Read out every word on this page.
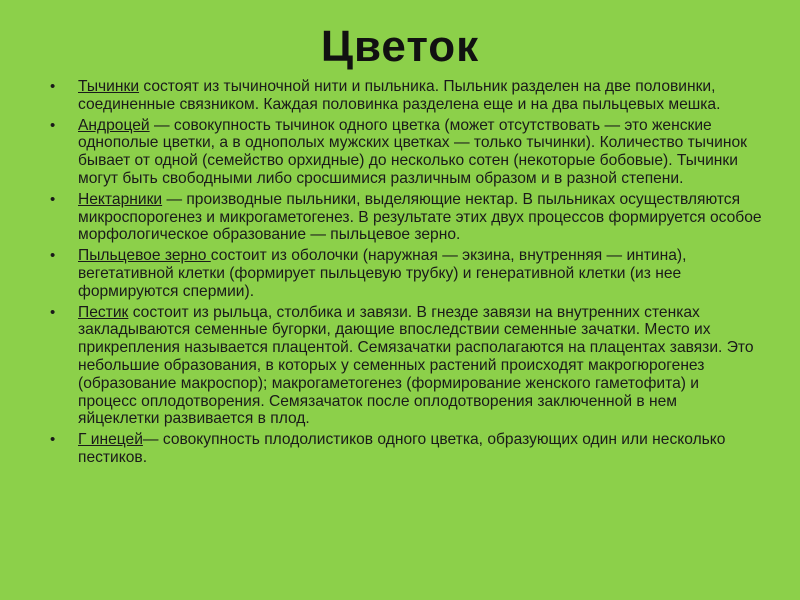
Цветок
•	Тычинки состоят из тычиночной нити и пыльника. Пыльник разделен на две половинки, соединенные связником. Каждая половинка разделена еще и на два пыльцевых мешка.
•	Андроцей — совокупность тычинок одного цветка (может отсутствовать — это женские однополые цветки, а в однополых мужских цветках — только тычинки). Количество тычинок бывает от одной (семейство орхидные) до несколько сотен (некоторые бобовые). Тычинки могут быть свободными либо сросшимися различным образом и в разной степени.
•	Нектарники — производные пыльники, выделяющие нектар. В пыльниках осуществляются микроспорогенез и микрогаметогенез. В результате этих двух процессов формируется особое морфологическое образование — пыльцевое зерно.
•	Пыльцевое зерно состоит из оболочки (наружная — экзина, внутренняя — интина), вегетативной клетки (формирует пыльцевую трубку) и генеративной клетки (из нее формируются спермии).
•	Пестик состоит из рыльца, столбика и завязи. В гнезде завязи на внутренних стенках закладываются семенные бугорки, дающие впоследствии семенные зачатки. Место их прикрепления называется плацентой. Семязачатки располагаются на плацентах завязи. Это небольшие образования, в которых у семенных растений происходят макрогюрогенез (образование макроспор); макрогаметогенез (формирование женского гаметофита) и процесс оплодотворения. Семязачаток после оплодотворения заключенной в нем яйцеклетки развивается в плод.
•	Г инецей— совокупность плодолистиков одного цветка, образующих один или несколько пестиков.
